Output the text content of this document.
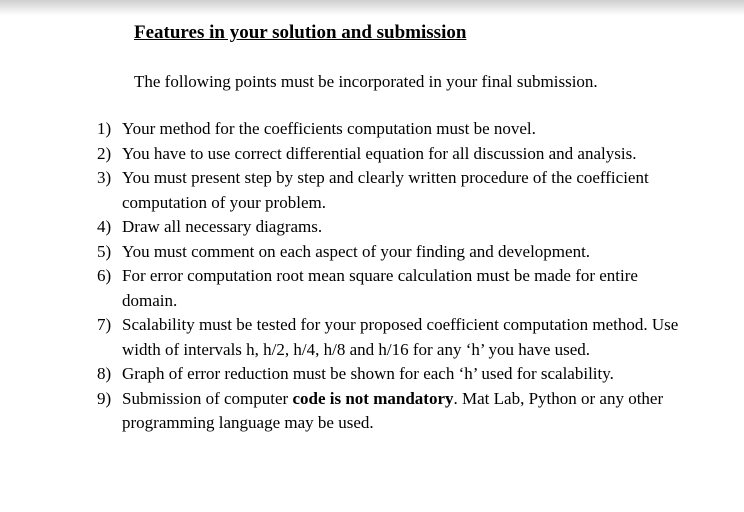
Features in your solution and submission
The following points must be incorporated in your final submission.
1) Your method for the coefficients computation must be novel.
2) You have to use correct differential equation for all discussion and analysis.
3) You must present step by step and clearly written procedure of the coefficient computation of your problem.
4) Draw all necessary diagrams.
5) You must comment on each aspect of your finding and development.
6) For error computation root mean square calculation must be made for entire domain.
7) Scalability must be tested for your proposed coefficient computation method. Use width of intervals h, h/2, h/4, h/8 and h/16 for any ‘h’ you have used.
8) Graph of error reduction must be shown for each ‘h’ used for scalability.
9) Submission of computer code is not mandatory. Mat Lab, Python or any other programming language may be used.
